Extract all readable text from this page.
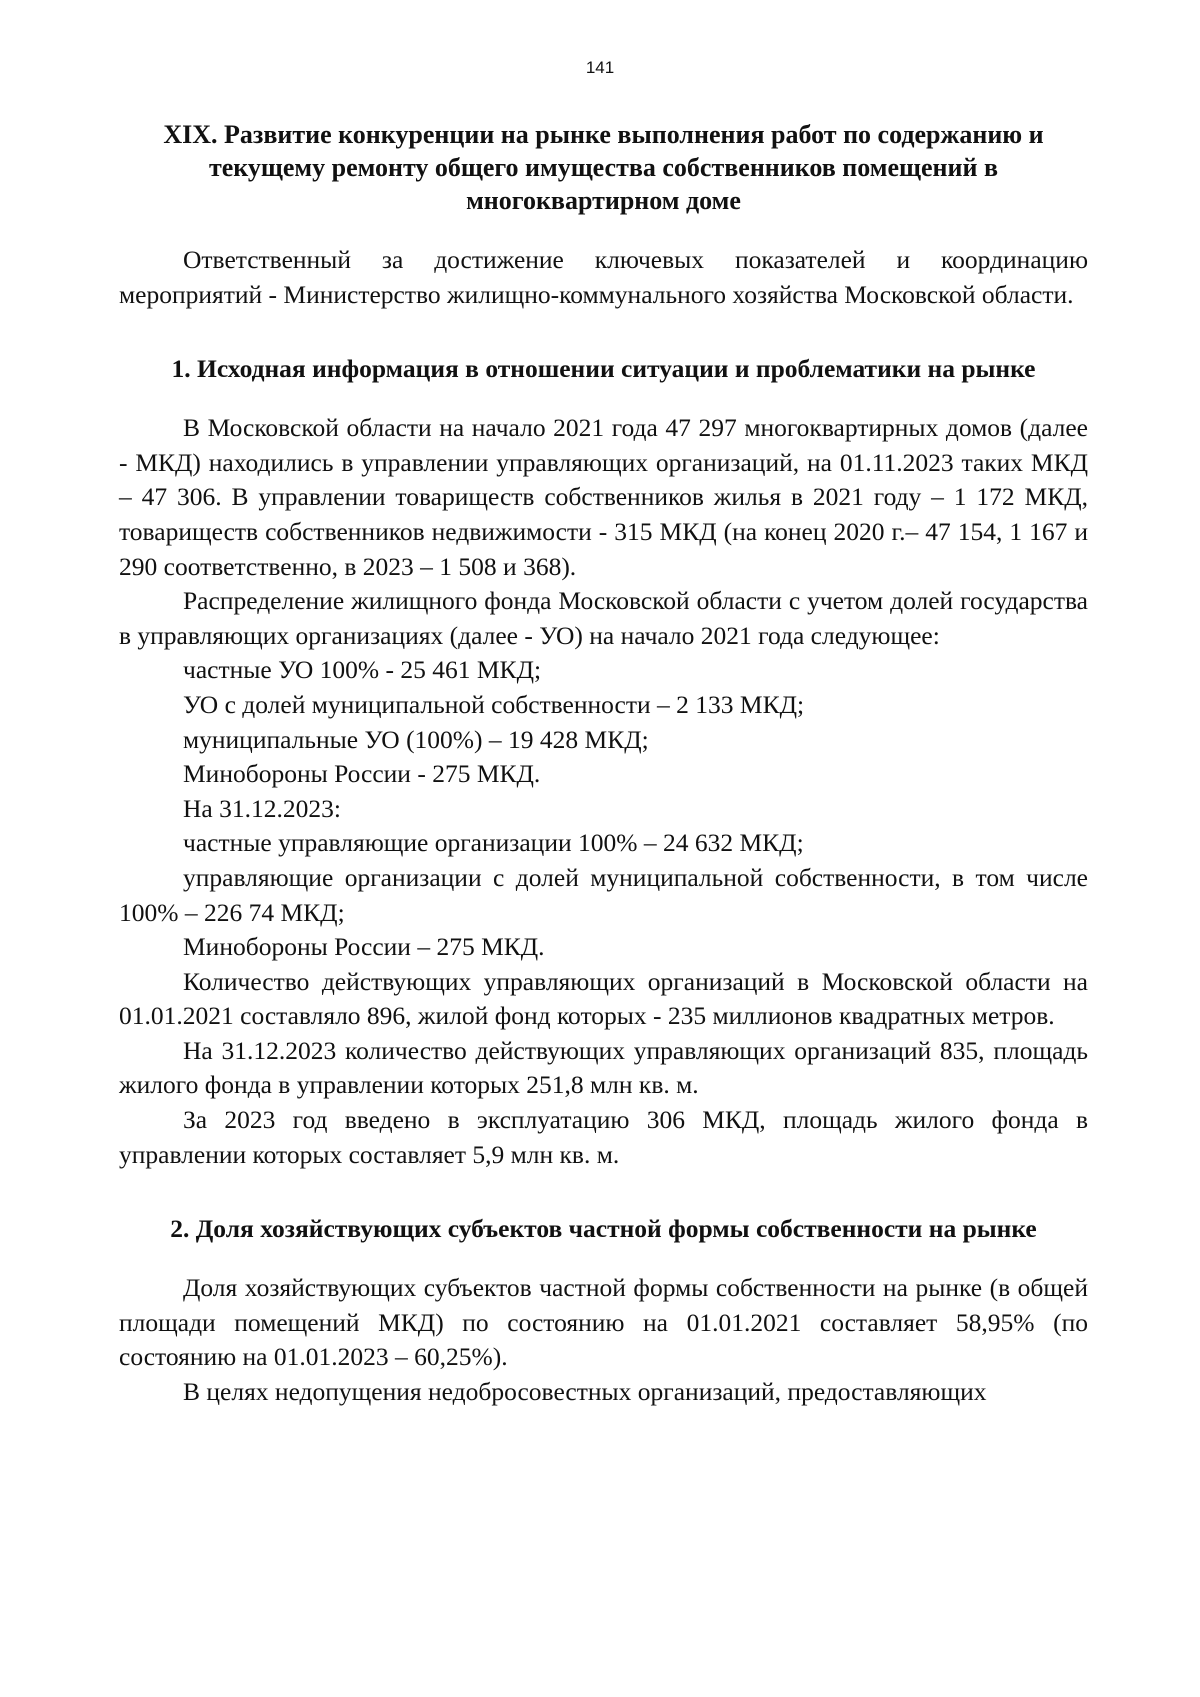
141
XIX. Развитие конкуренции на рынке выполнения работ по содержанию и текущему ремонту общего имущества собственников помещений в многоквартирном доме

Ответственный за достижение ключевых показателей и координацию мероприятий - Министерство жилищно-коммунального хозяйства Московской области.

1. Исходная информация в отношении ситуации и проблематики на рынке

В Московской области на начало 2021 года 47 297 многоквартирных домов (далее - МКД) находились в управлении управляющих организаций, на 01.11.2023 таких МКД – 47 306. В управлении товариществ собственников жилья в 2021 году – 1 172 МКД, товариществ собственников недвижимости - 315 МКД (на конец 2020 г.– 47 154, 1 167 и 290 соответственно, в 2023 – 1 508 и 368).

Распределение жилищного фонда Московской области с учетом долей государства в управляющих организациях (далее - УО) на начало 2021 года следующее:

частные УО 100% - 25 461 МКД;

УО с долей муниципальной собственности – 2 133 МКД;

муниципальные УО (100%) – 19 428 МКД;

Минобороны России - 275 МКД.

На 31.12.2023:

частные управляющие организации 100% – 24 632 МКД;

управляющие организации с долей муниципальной собственности, в том числе 100% – 226 74 МКД;

Минобороны России – 275 МКД.

Количество действующих управляющих организаций в Московской области на 01.01.2021 составляло 896, жилой фонд которых - 235 миллионов квадратных метров.

На 31.12.2023 количество действующих управляющих организаций 835, площадь жилого фонда в управлении которых 251,8 млн кв. м.

За 2023 год введено в эксплуатацию 306 МКД, площадь жилого фонда в управлении которых составляет 5,9 млн кв. м.

2. Доля хозяйствующих субъектов частной формы собственности на рынке

Доля хозяйствующих субъектов частной формы собственности на рынке (в общей площади помещений МКД) по состоянию на 01.01.2021 составляет 58,95% (по состоянию на 01.01.2023 – 60,25%).

В целях недопущения недобросовестных организаций, предоставляющих
